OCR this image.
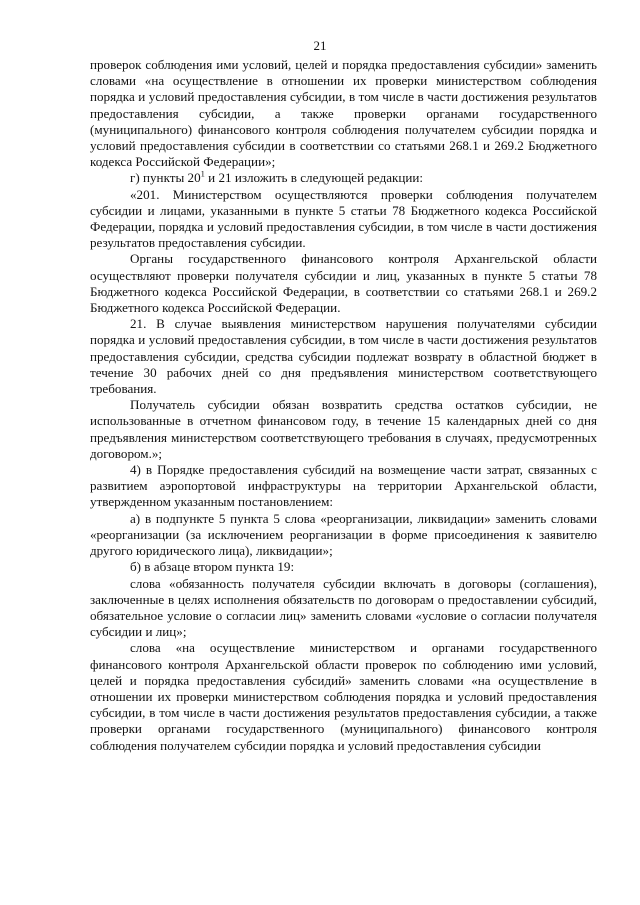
21

проверок соблюдения ими условий, целей и порядка предоставления субсидии» заменить словами «на осуществление в отношении их проверки министерством соблюдения порядка и условий предоставления субсидии, в том числе в части достижения результатов предоставления субсидии, а также проверки органами государственного (муниципального) финансового контроля соблюдения получателем субсидии порядка и условий предоставления субсидии в соответствии со статьями 268.1 и 269.2 Бюджетного кодекса Российской Федерации»;

г) пункты $20^1$ и 21 изложить в следующей редакции:

«201. Министерством осуществляются проверки соблюдения получателем субсидии и лицами, указанными в пункте 5 статьи 78 Бюджетного кодекса Российской Федерации, порядка и условий предоставления субсидии, в том числе в части достижения результатов предоставления субсидии.

Органы государственного финансового контроля Архангельской области осуществляют проверки получателя субсидии и лиц, указанных в пункте 5 статьи 78 Бюджетного кодекса Российской Федерации, в соответствии со статьями 268.1 и 269.2 Бюджетного кодекса Российской Федерации.

21. В случае выявления министерством нарушения получателями субсидии порядка и условий предоставления субсидии, в том числе в части достижения результатов предоставления субсидии, средства субсидии подлежат возврату в областной бюджет в течение 30 рабочих дней со дня предъявления министерством соответствующего требования.

Получатель субсидии обязан возвратить средства остатков субсидии, не использованные в отчетном финансовом году, в течение 15 календарных дней со дня предъявления министерством соответствующего требования в случаях, предусмотренных договором.»;

4) в Порядке предоставления субсидий на возмещение части затрат, связанных с развитием аэропортовой инфраструктуры на территории Архангельской области, утвержденном указанным постановлением:

а) в подпункте 5 пункта 5 слова «реорганизации, ликвидации» заменить словами «реорганизации (за исключением реорганизации в форме присоединения к заявителю другого юридического лица), ликвидации»;

б) в абзаце втором пункта 19:

слова «обязанность получателя субсидии включать в договоры (соглашения), заключенные в целях исполнения обязательств по договорам о предоставлении субсидий, обязательное условие о согласии лиц» заменить словами «условие о согласии получателя субсидии и лиц»;

слова «на осуществление министерством и органами государственного финансового контроля Архангельской области проверок по соблюдению ими условий, целей и порядка предоставления субсидий» заменить словами «на осуществление в отношении их проверки министерством соблюдения порядка и условий предоставления субсидии, в том числе в части достижения результатов предоставления субсидии, а также проверки органами государственного (муниципального) финансового контроля соблюдения получателем субсидии порядка и условий предоставления субсидии
